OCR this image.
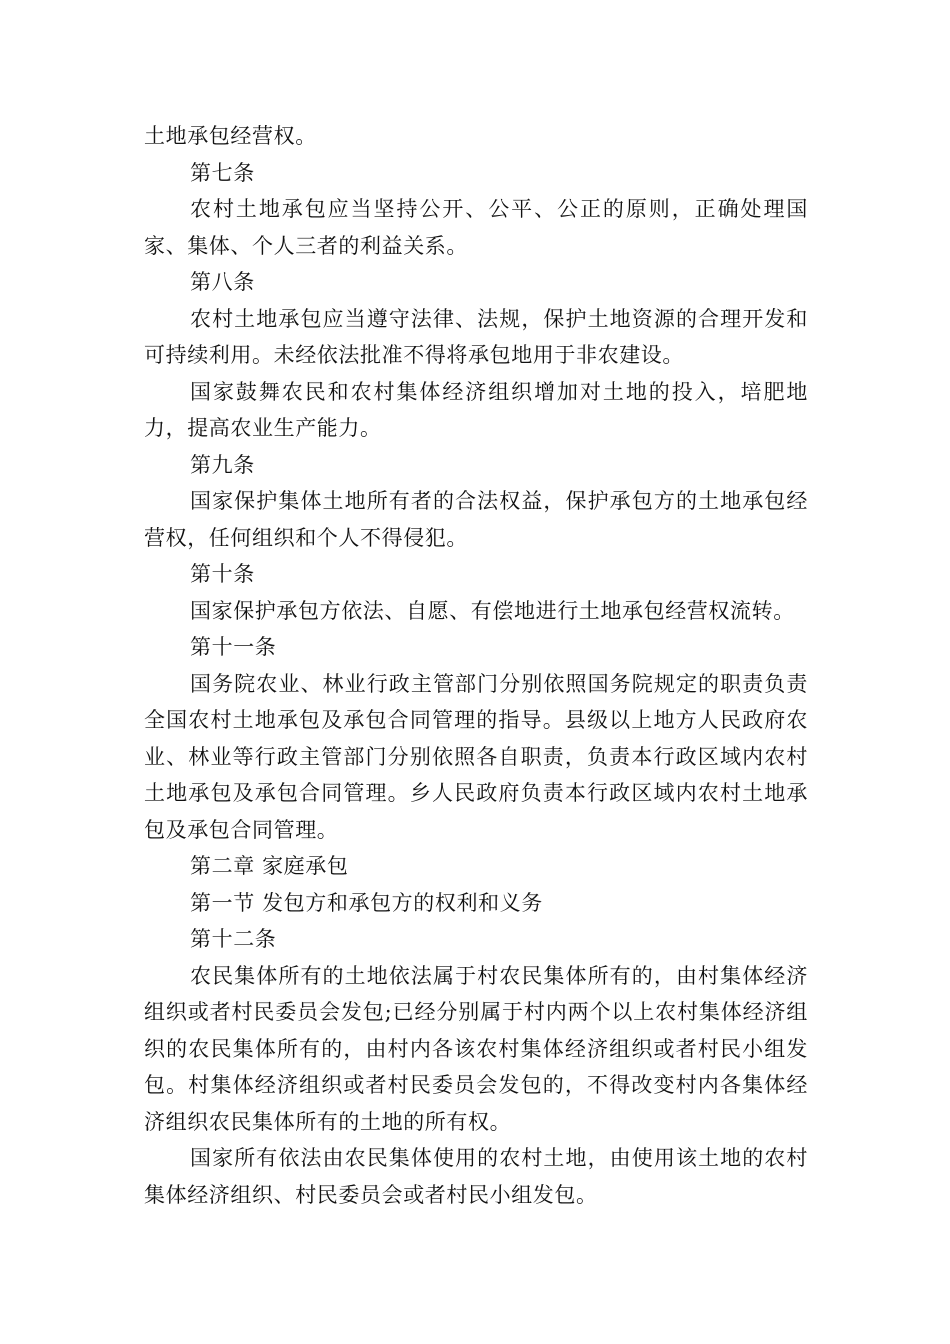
土地承包经营权。

第七条

农村土地承包应当坚持公开、公平、公正的原则，正确处理国家、集体、个人三者的利益关系。

第八条

农村土地承包应当遵守法律、法规，保护土地资源的合理开发和可持续利用。未经依法批准不得将承包地用于非农建设。

国家鼓舞农民和农村集体经济组织增加对土地的投入，培肥地力，提高农业生产能力。

第九条

国家保护集体土地所有者的合法权益，保护承包方的土地承包经营权，任何组织和个人不得侵犯。

第十条

国家保护承包方依法、自愿、有偿地进行土地承包经营权流转。

第十一条

国务院农业、林业行政主管部门分别依照国务院规定的职责负责全国农村土地承包及承包合同管理的指导。县级以上地方人民政府农业、林业等行政主管部门分别依照各自职责，负责本行政区域内农村土地承包及承包合同管理。乡人民政府负责本行政区域内农村土地承包及承包合同管理。

第二章 家庭承包

第一节 发包方和承包方的权利和义务

第十二条

农民集体所有的土地依法属于村农民集体所有的，由村集体经济组织或者村民委员会发包;已经分别属于村内两个以上农村集体经济组织的农民集体所有的，由村内各该农村集体经济组织或者村民小组发包。村集体经济组织或者村民委员会发包的，不得改变村内各集体经济组织农民集体所有的土地的所有权。

国家所有依法由农民集体使用的农村土地，由使用该土地的农村集体经济组织、村民委员会或者村民小组发包。
